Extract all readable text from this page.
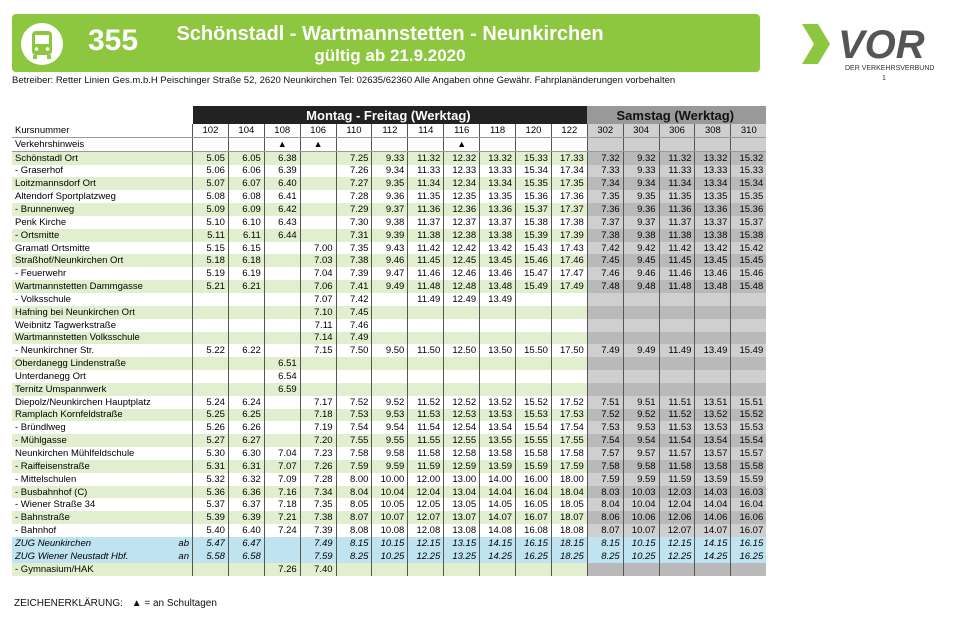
355	Schönstadl - Wartmannstetten - Neunkirchen
gültig ab 21.9.2020
Betreiber: Retter Linien Ges.m.b.H Peischinger Straße 52, 2620 Neunkirchen Tel: 02635/62360 Alle Angaben ohne Gewähr. Fahrplanänderungen vorbehalten
VOR
DER VERKEHRSVERBUND
1
		Montag - Freitag (Werktag)											Samstag (Werktag)				
Kursnummer		102	104	108	106	110	112	114	116	118	120	122	302	304	306	308	310
Verkehrshinweis				▲	▲				▲								
Schönstadl Ort		5.05	6.05	6.38		7.25	9.33	11.32	12.32	13.32	15.33	17.33	7.32	9.32	11.32	13.32	15.32
- Graserhof		5.06	6.06	6.39		7.26	9.34	11.33	12.33	13.33	15.34	17.34	7.33	9.33	11.33	13.33	15.33
Loitzmannsdorf Ort		5.07	6.07	6.40		7.27	9.35	11.34	12.34	13.34	15.35	17.35	7.34	9.34	11.34	13.34	15.34
Altendorf Sportplatzweg		5.08	6.08	6.41		7.28	9.36	11.35	12.35	13.35	15.36	17.36	7.35	9.35	11.35	13.35	15.35
- Brunnenweg		5.09	6.09	6.42		7.29	9.37	11.36	12.36	13.36	15.37	17.37	7.36	9.36	11.36	13.36	15.36
Penk Kirche		5.10	6.10	6.43		7.30	9.38	11.37	12.37	13.37	15.38	17.38	7.37	9.37	11.37	13.37	15.37
- Ortsmitte		5.11	6.11	6.44		7.31	9.39	11.38	12.38	13.38	15.39	17.39	7.38	9.38	11.38	13.38	15.38
Gramatl Ortsmitte		5.15	6.15		7.00	7.35	9.43	11.42	12.42	13.42	15.43	17.43	7.42	9.42	11.42	13.42	15.42
Straßhof/Neunkirchen Ort		5.18	6.18		7.03	7.38	9.46	11.45	12.45	13.45	15.46	17.46	7.45	9.45	11.45	13.45	15.45
- Feuerwehr		5.19	6.19		7.04	7.39	9.47	11.46	12.46	13.46	15.47	17.47	7.46	9.46	11.46	13.46	15.46
Wartmannstetten Dammgasse		5.21	6.21		7.06	7.41	9.49	11.48	12.48	13.48	15.49	17.49	7.48	9.48	11.48	13.48	15.48
- Volksschule					7.07	7.42		11.49	12.49	13.49							
Hafning bei Neunkirchen Ort					7.10	7.45											
Weibnitz Tagwerkstraße					7.11	7.46											
Wartmannstetten Volksschule					7.14	7.49											
- Neunkirchner Str.		5.22	6.22		7.15	7.50	9.50	11.50	12.50	13.50	15.50	17.50	7.49	9.49	11.49	13.49	15.49
Oberdanegg Lindenstraße				6.51													
Unterdanegg Ort				6.54													
Ternitz Umspannwerk				6.59													
Diepolz/Neunkirchen Hauptplatz		5.24	6.24		7.17	7.52	9.52	11.52	12.52	13.52	15.52	17.52	7.51	9.51	11.51	13.51	15.51
Ramplach Kornfeldstraße		5.25	6.25		7.18	7.53	9.53	11.53	12.53	13.53	15.53	17.53	7.52	9.52	11.52	13.52	15.52
- Bründlweg		5.26	6.26		7.19	7.54	9.54	11.54	12.54	13.54	15.54	17.54	7.53	9.53	11.53	13.53	15.53
- Mühlgasse		5.27	6.27		7.20	7.55	9.55	11.55	12.55	13.55	15.55	17.55	7.54	9.54	11.54	13.54	15.54
Neunkirchen Mühlfeldschule		5.30	6.30	7.04	7.23	7.58	9.58	11.58	12.58	13.58	15.58	17.58	7.57	9.57	11.57	13.57	15.57
- Raiffeisenstraße		5.31	6.31	7.07	7.26	7.59	9.59	11.59	12.59	13.59	15.59	17.59	7.58	9.58	11.58	13.58	15.58
- Mittelschulen		5.32	6.32	7.09	7.28	8.00	10.00	12.00	13.00	14.00	16.00	18.00	7.59	9.59	11.59	13.59	15.59
- Busbahnhof (C)		5.36	6.36	7.16	7.34	8.04	10.04	12.04	13.04	14.04	16.04	18.04	8.03	10.03	12.03	14.03	16.03
- Wiener Straße 34		5.37	6.37	7.18	7.35	8.05	10.05	12.05	13.05	14.05	16.05	18.05	8.04	10.04	12.04	14.04	16.04
- Bahnstraße		5.39	6.39	7.21	7.38	8.07	10.07	12.07	13.07	14.07	16.07	18.07	8.06	10.06	12.06	14.06	16.06
- Bahnhof		5.40	6.40	7.24	7.39	8.08	10.08	12.08	13.08	14.08	16.08	18.08	8.07	10.07	12.07	14.07	16.07
ZUG Neunkirchen	ab	5.47	6.47		7.49	8.15	10.15	12.15	13.15	14.15	16.15	18.15	8.15	10.15	12.15	14.15	16.15
ZUG Wiener Neustadt Hbf.	an	5.58	6.58		7.59	8.25	10.25	12.25	13.25	14.25	16.25	18.25	8.25	10.25	12.25	14.25	16.25
- Gymnasium/HAK				7.26	7.40												
ZEICHENERKLÄRUNG: ▲ = an Schultagen
